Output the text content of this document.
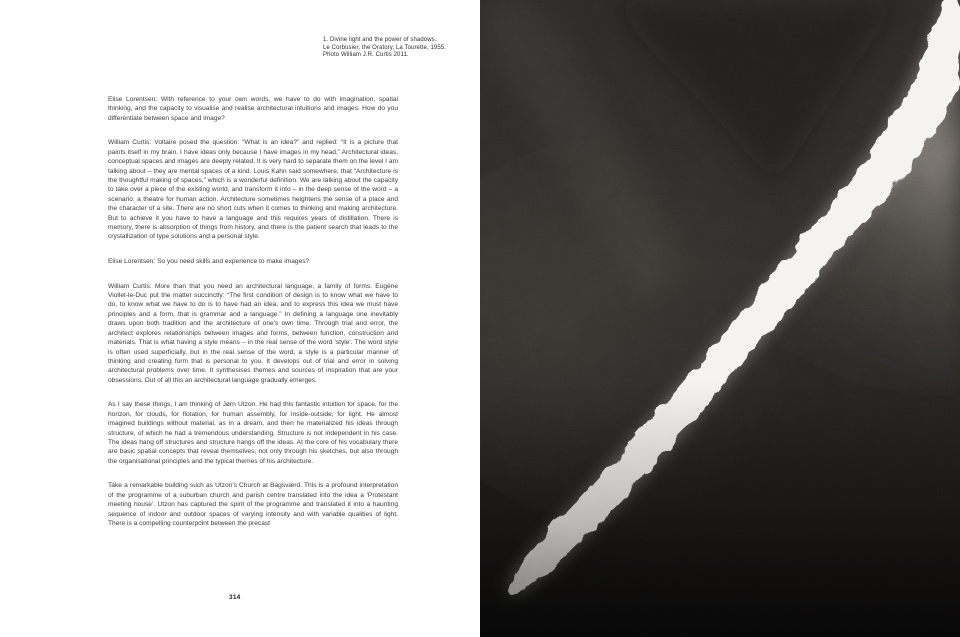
1. Divine light and the power of shadows.
Le Corbusier, the Oratory, La Tourette, 1955.
Photo William J.R. Curtis 2011.

Elise Lorentsen: With reference to your own words, we have to do with imagination, spatial thinking, and the capacity to visualise and realise architectural intuitions and images. How do you differentiate between space and image?

William Curtis: Voltaire posed the question: “What is an idea?” and replied: “It is a picture that paints itself in my brain. I have ideas only because I have images in my head.” Architectural ideas, conceptual spaces and images are deeply related. It is very hard to separate them on the level I am talking about – they are mental spaces of a kind. Louis Kahn said somewhere, that “Architecture is the thoughtful making of spaces,” which is a wonderful definition. We are talking about the capacity to take over a piece of the existing world, and transform it into – in the deep sense of the word – a scenario: a theatre for human action. Architecture sometimes heightens the sense of a place and the character of a site. There are no short cuts when it comes to thinking and making architecture. But to achieve it you have to have a language and this requires years of distillation. There is memory, there is absorption of things from history, and there is the patient search that leads to the crystallization of type solutions and a personal style.

Elise Lorentsen: So you need skills and experience to make images?

William Curtis: More than that you need an architectural language, a family of forms. Eugène Viollet-le-Duc put the matter succinctly: “The first condition of design is to know what we have to do, to know what we have to do is to have had an idea; and to express this idea we must have principles and a form, that is grammar and a language.” In defining a language one inevitably draws upon both tradition and the architecture of one's own time. Through trial and error, the architect explores relationships between images and forms, between function, construction and materials. That is what having a style means – in the real sense of the word 'style'. The word style is often used superficially, but in the real sense of the word, a style is a particular manner of thinking and creating form that is personal to you. It develops out of trial and error in solving architectural problems over time. It synthesises themes and sources of inspiration that are your obsessions. Out of all this an architectural language gradually emerges.

As I say these things, I am thinking of Jørn Utzon. He had this fantastic intuition for space, for the horizon, for clouds, for flotation, for human assembly, for inside-outside, for light. He almost imagined buildings without material, as in a dream, and then he materialized his ideas through structure, of which he had a tremendous understanding. Structure is not independent in his case. The ideas hang off structures and structure hangs off the ideas. At the core of his vocabulary there are basic spatial concepts that reveal themselves, not only through his sketches, but also through the organisational principles and the typical themes of his architecture.

Take a remarkable building such as Utzon's Church at Bagsværd. This is a profound interpretation of the programme of a suburban church and parish centre translated into the idea a 'Protestant meeting house'. Utzon has captured the spirit of the programme and translated it into a haunting sequence of indoor and outdoor spaces of varying intensity and with variable qualities of light. There is a compelling counterpoint between the precast

314
